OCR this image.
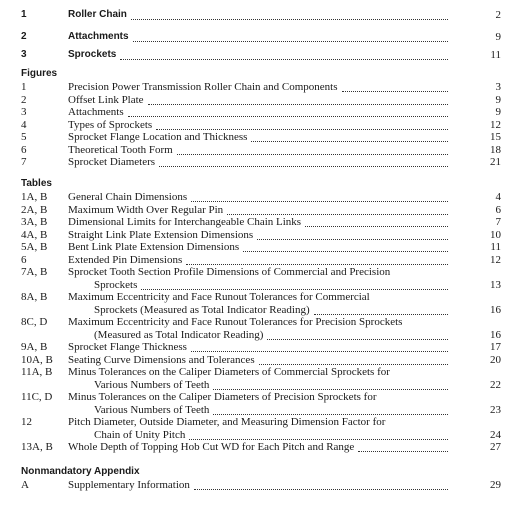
1	Roller Chain	2
2	Attachments	9
3	Sprockets	11
Figures
1	Precision Power Transmission Roller Chain and Components	3
2	Offset Link Plate	9
3	Attachments	9
4	Types of Sprockets	12
5	Sprocket Flange Location and Thickness	15
6	Theoretical Tooth Form	18
7	Sprocket Diameters	21
Tables
1A, B General Chain Dimensions	4
2A, B Maximum Width Over Regular Pin	6
3A, B Dimensional Limits for Interchangeable Chain Links	7
4A, B Straight Link Plate Extension Dimensions	10
5A, B Bent Link Plate Extension Dimensions	11
6	Extended Pin Dimensions	12
7A, B Sprocket Tooth Section Profile Dimensions of Commercial and Precision
Sprockets	13
8A, B Maximum Eccentricity and Face Runout Tolerances for Commercial
Sprockets (Measured as Total Indicator Reading)	16
8C, D Maximum Eccentricity and Face Runout Tolerances for Precision Sprockets
(Measured as Total Indicator Reading)	16
9A, B Sprocket Flange Thickness	17
10A, B Seating Curve Dimensions and Tolerances	20
11A, B Minus Tolerances on the Caliper Diameters of Commercial Sprockets for
Various Numbers of Teeth	22
11C, D Minus Tolerances on the Caliper Diameters of Precision Sprockets for
Various Numbers of Teeth	23
12	Pitch Diameter, Outside Diameter, and Measuring Dimension Factor for
Chain of Unity Pitch	24
13A, B Whole Depth of Topping Hob Cut WD for Each Pitch and Range	27
Nonmandatory Appendix
A	Supplementary Information	29
